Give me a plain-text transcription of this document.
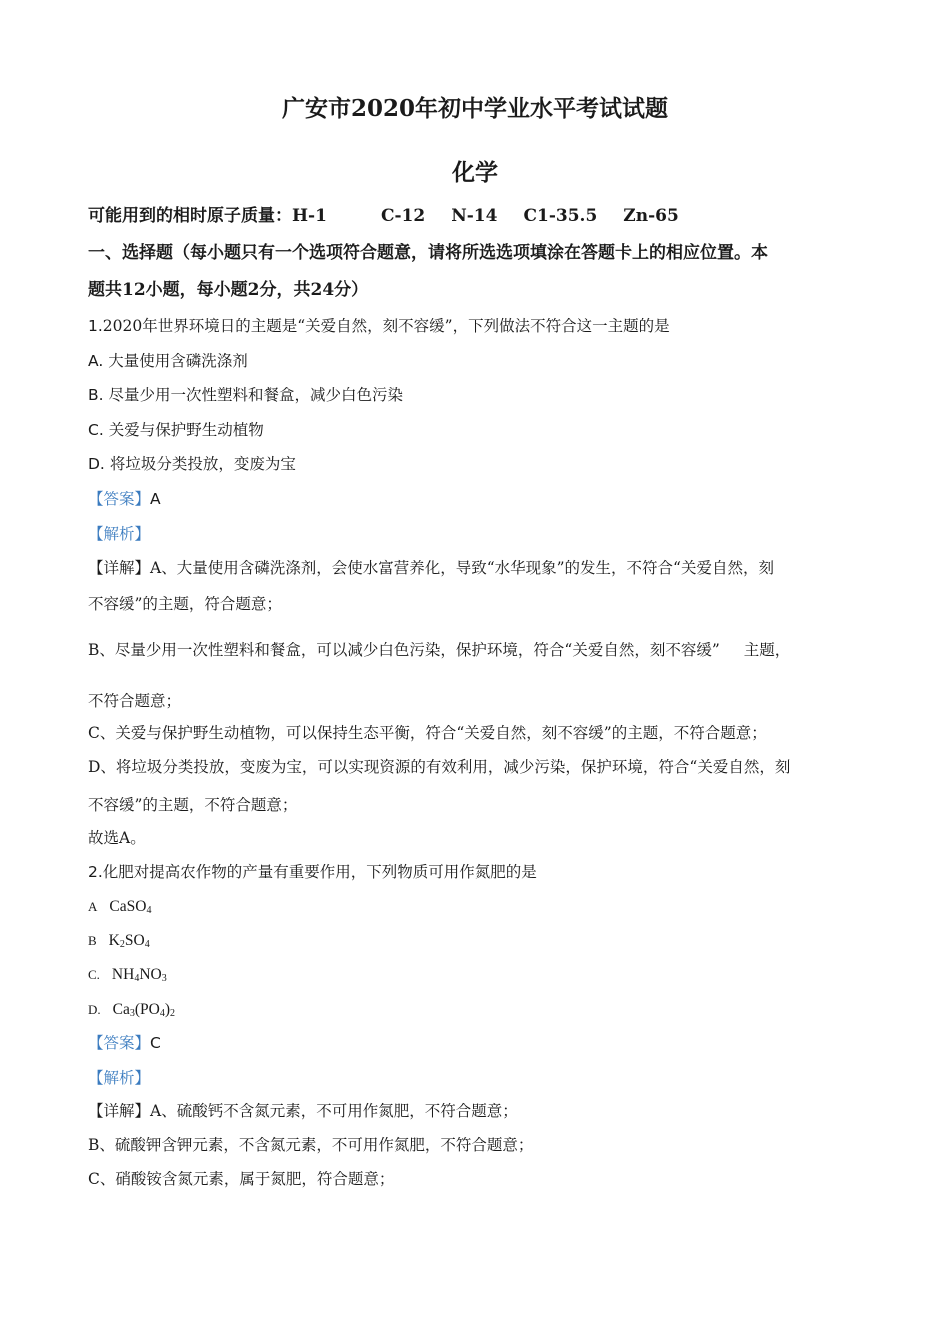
广安市2020年初中学业水平考试试题
化学
可能用到的相时原子质量：H-1	C-12 N-14 C1-35.5 Zn-65
一、选择题（每小题只有一个选项符合题意，请将所选选项填涂在答题卡上的相应位置。本
题共12小题，每小题2分，共24分）
1.2020年世界环境日的主题是“关爱自然，刻不容缓”，下列做法不符合这一主题的是
A. 大量使用含磷洗涤剂
B. 尽量少用一次性塑料和餐盒，减少白色污染
C. 关爱与保护野生动植物
D. 将垃圾分类投放，变废为宝
【答案】A
【解析】
【详解】A、大量使用含磷洗涤剂，会使水富营养化，导致“水华现象”的发生，不符合“关爱自然，刻
不容缓”的主题，符合题意；
B、尽量少用一次性塑料和餐盒，可以减少白色污染，保护环境，符合“关爱自然，刻不容缓” 主题，
不符合题意；
C、关爱与保护野生动植物，可以保持生态平衡，符合“关爱自然，刻不容缓”的主题，不符合题意；
D、将垃圾分类投放，变废为宝，可以实现资源的有效利用，减少污染，保护环境，符合“关爱自然，刻
不容缓”的主题，不符合题意；
故选A。
2.化肥对提高农作物的产量有重要作用，下列物质可用作氮肥的是
A CaSO$_4$
B $K_2SO_4$
C. $NH_4NO_3$
D. $Ca_3(PO_4)_2$
【答案】C
【解析】
【详解】A、硫酸钙不含氮元素，不可用作氮肥，不符合题意；
B、硫酸钾含钾元素，不含氮元素，不可用作氮肥，不符合题意；
C、硝酸铵含氮元素，属于氮肥，符合题意；
